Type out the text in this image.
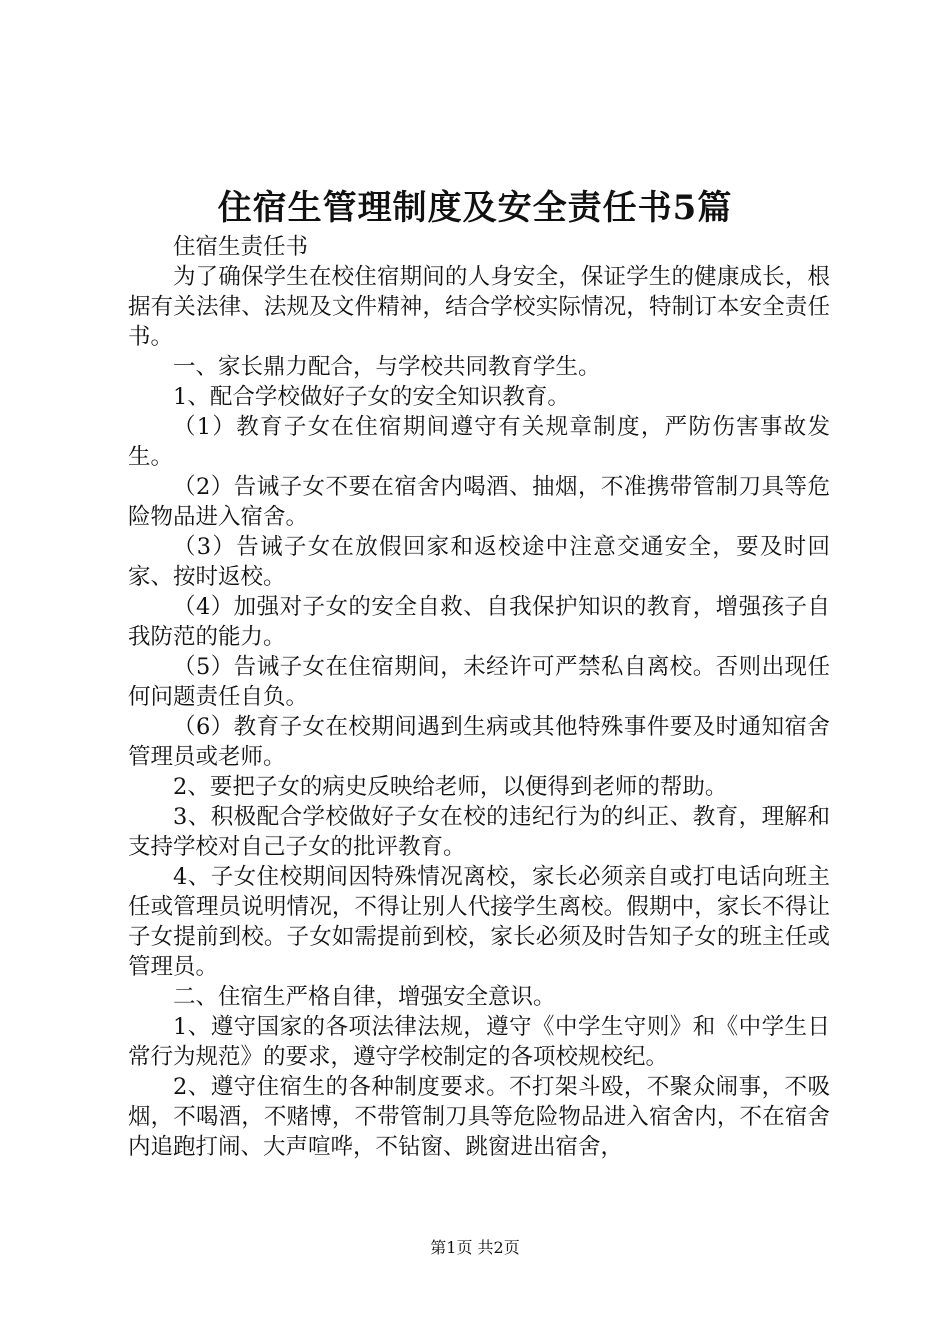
住宿生管理制度及安全责任书5篇

住宿生责任书

为了确保学生在校住宿期间的人身安全，保证学生的健康成长，根据有关法律、法规及文件精神，结合学校实际情况，特制订本安全责任书。

一、家长鼎力配合，与学校共同教育学生。

1、配合学校做好子女的安全知识教育。

（1）教育子女在住宿期间遵守有关规章制度，严防伤害事故发生。

（2）告诫子女不要在宿舍内喝酒、抽烟，不准携带管制刀具等危险物品进入宿舍。

（3）告诫子女在放假回家和返校途中注意交通安全，要及时回家、按时返校。

（4）加强对子女的安全自救、自我保护知识的教育，增强孩子自我防范的能力。

（5）告诫子女在住宿期间，未经许可严禁私自离校。否则出现任何问题责任自负。

（6）教育子女在校期间遇到生病或其他特殊事件要及时通知宿舍管理员或老师。

2、要把子女的病史反映给老师，以便得到老师的帮助。

3、积极配合学校做好子女在校的违纪行为的纠正、教育，理解和支持学校对自己子女的批评教育。

4、子女住校期间因特殊情况离校，家长必须亲自或打电话向班主任或管理员说明情况，不得让别人代接学生离校。假期中，家长不得让子女提前到校。子女如需提前到校，家长必须及时告知子女的班主任或管理员。

二、住宿生严格自律，增强安全意识。

1、遵守国家的各项法律法规，遵守《中学生守则》和《中学生日常行为规范》的要求，遵守学校制定的各项校规校纪。

2、遵守住宿生的各种制度要求。不打架斗殴，不聚众闹事，不吸烟，不喝酒，不赌博，不带管制刀具等危险物品进入宿舍内，不在宿舍内追跑打闹、大声喧哗，不钻窗、跳窗进出宿舍，

第1页 共2页
